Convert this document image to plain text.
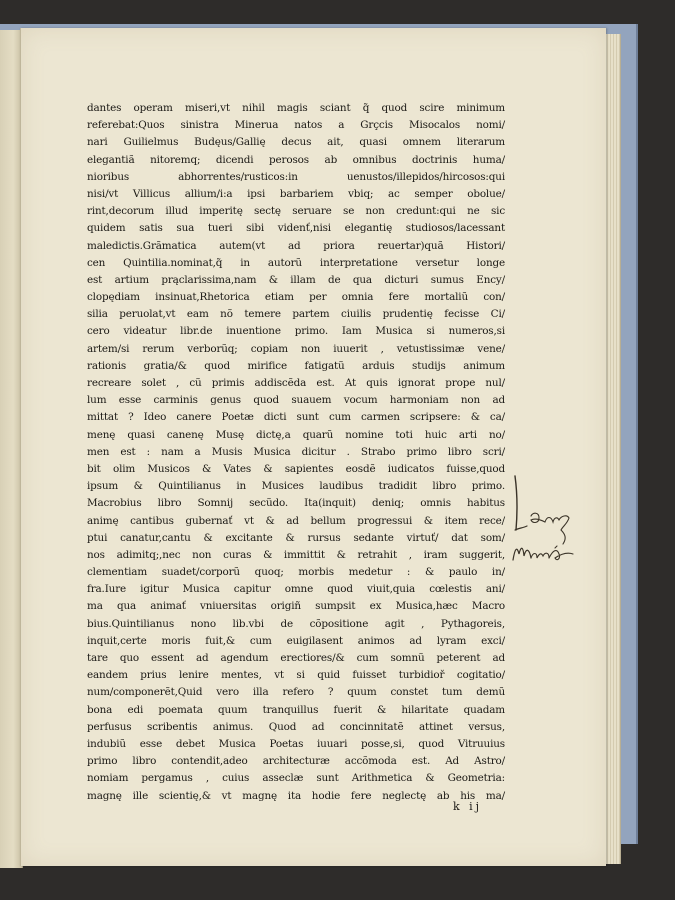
dantes operam miseri,vt nihil magis sciant q̃ quod scire minimum
referebat:Quos sinistra Minerua natos a Grçcis Misocalos nomi/
nari Guilielmus Budęus/Gallię decus ait, quasi omnem literarum
elegantiã nitoremq; dicendi perosos ab omnibus doctrinis huma/
nioribus abhorrentes/rusticos:in uenustos/illepidos/hircosos:qui
nisi/vt Villicus allium/i:a ipsi barbariem vbiq; ac semper obolue/
rint,decorum illud imperitę sectę seruare se non credunt:qui ne sic
quidem satis sua tueri sibi videnť,nisi elegantię studiosos/lacessant
maledictis.Grãmatica autem(vt ad priora reuertar)quã Histori/
cen Quintilia.nominat,q̃ in autorũ interpretatione versetur longe
est artium prąclarissima,nam & illam de qua dicturi sumus Ency/
clopędiam insinuat,Rhetorica etiam per omnia fere mortaliũ con/
silia peruolat,vt eam nõ temere partem ciuilis prudentię fecisse Ci/
cero videatur libr.de inuentione primo. Iam Musica si numeros,si
artem/si rerum verborũq; copiam non iuuerit , vetustissimæ vene/
rationis gratia/& quod mirifice fatigatũ arduis studijs animum
recreare solet , cũ primis addiscẽda est. At quis ignorat prope nul/
lum esse carminis genus quod suauem vocum harmoniam non ad
mittat ? Ideo canere Poetæ dicti sunt cum carmen scripsere: & ca/
menę quasi canenę Musę dictę,a quarũ nomine toti huic arti no/
men est : nam a Musis Musica dicitur . Strabo primo libro scri/
bit olim Musicos & Vates & sapientes eosdẽ iudicatos fuisse,quod
ipsum & Quintilianus in Musices laudibus tradidit libro primo.
Macrobius libro Somnij secũdo. Ita(inquit) deniq; omnis habitus
animę cantibus gubernať vt & ad bellum progressui & item rece/
ptui canatur,cantu & excitante & rursus sedante virtuť/ dat som/
nos adimitq;,nec non curas & immittit & retrahit , iram suggerit,
clementiam suadet/corporũ quoq; morbis medetur : & paulo in/
fra.Iure igitur Musica capitur omne quod viuit,quia cœlestis ani/
ma qua animať vniuersitas origiñ sumpsit ex Musica,hæc Macro
bius.Quintilianus nono lib.vbi de cõpositione agit , Pythagoreis,
inquit,certe moris fuit,& cum euigilasent animos ad lyram exci/
tare quo essent ad agendum erectiores/& cum somnũ peterent ad
eandem prius lenire mentes, vt si quid fuisset turbidioř cogitatio/
num/componerẽt,Quid vero illa refero ? quum constet tum demũ
bona edi poemata quum tranquillus fuerit & hilaritate quadam
perfusus scribentis animus. Quod ad concinnitatẽ attinet versus,
indubiũ esse debet Musica Poetas iuuari posse,si, quod Vitruuius
primo libro contendit,adeo architecturæ accõmoda est. Ad Astro/
nomiam pergamus , cuius asseclæ sunt Arithmetica & Geometria:
magnę ille scientię,& vt magnę ita hodie fere neglectę ab his ma/
k ij
